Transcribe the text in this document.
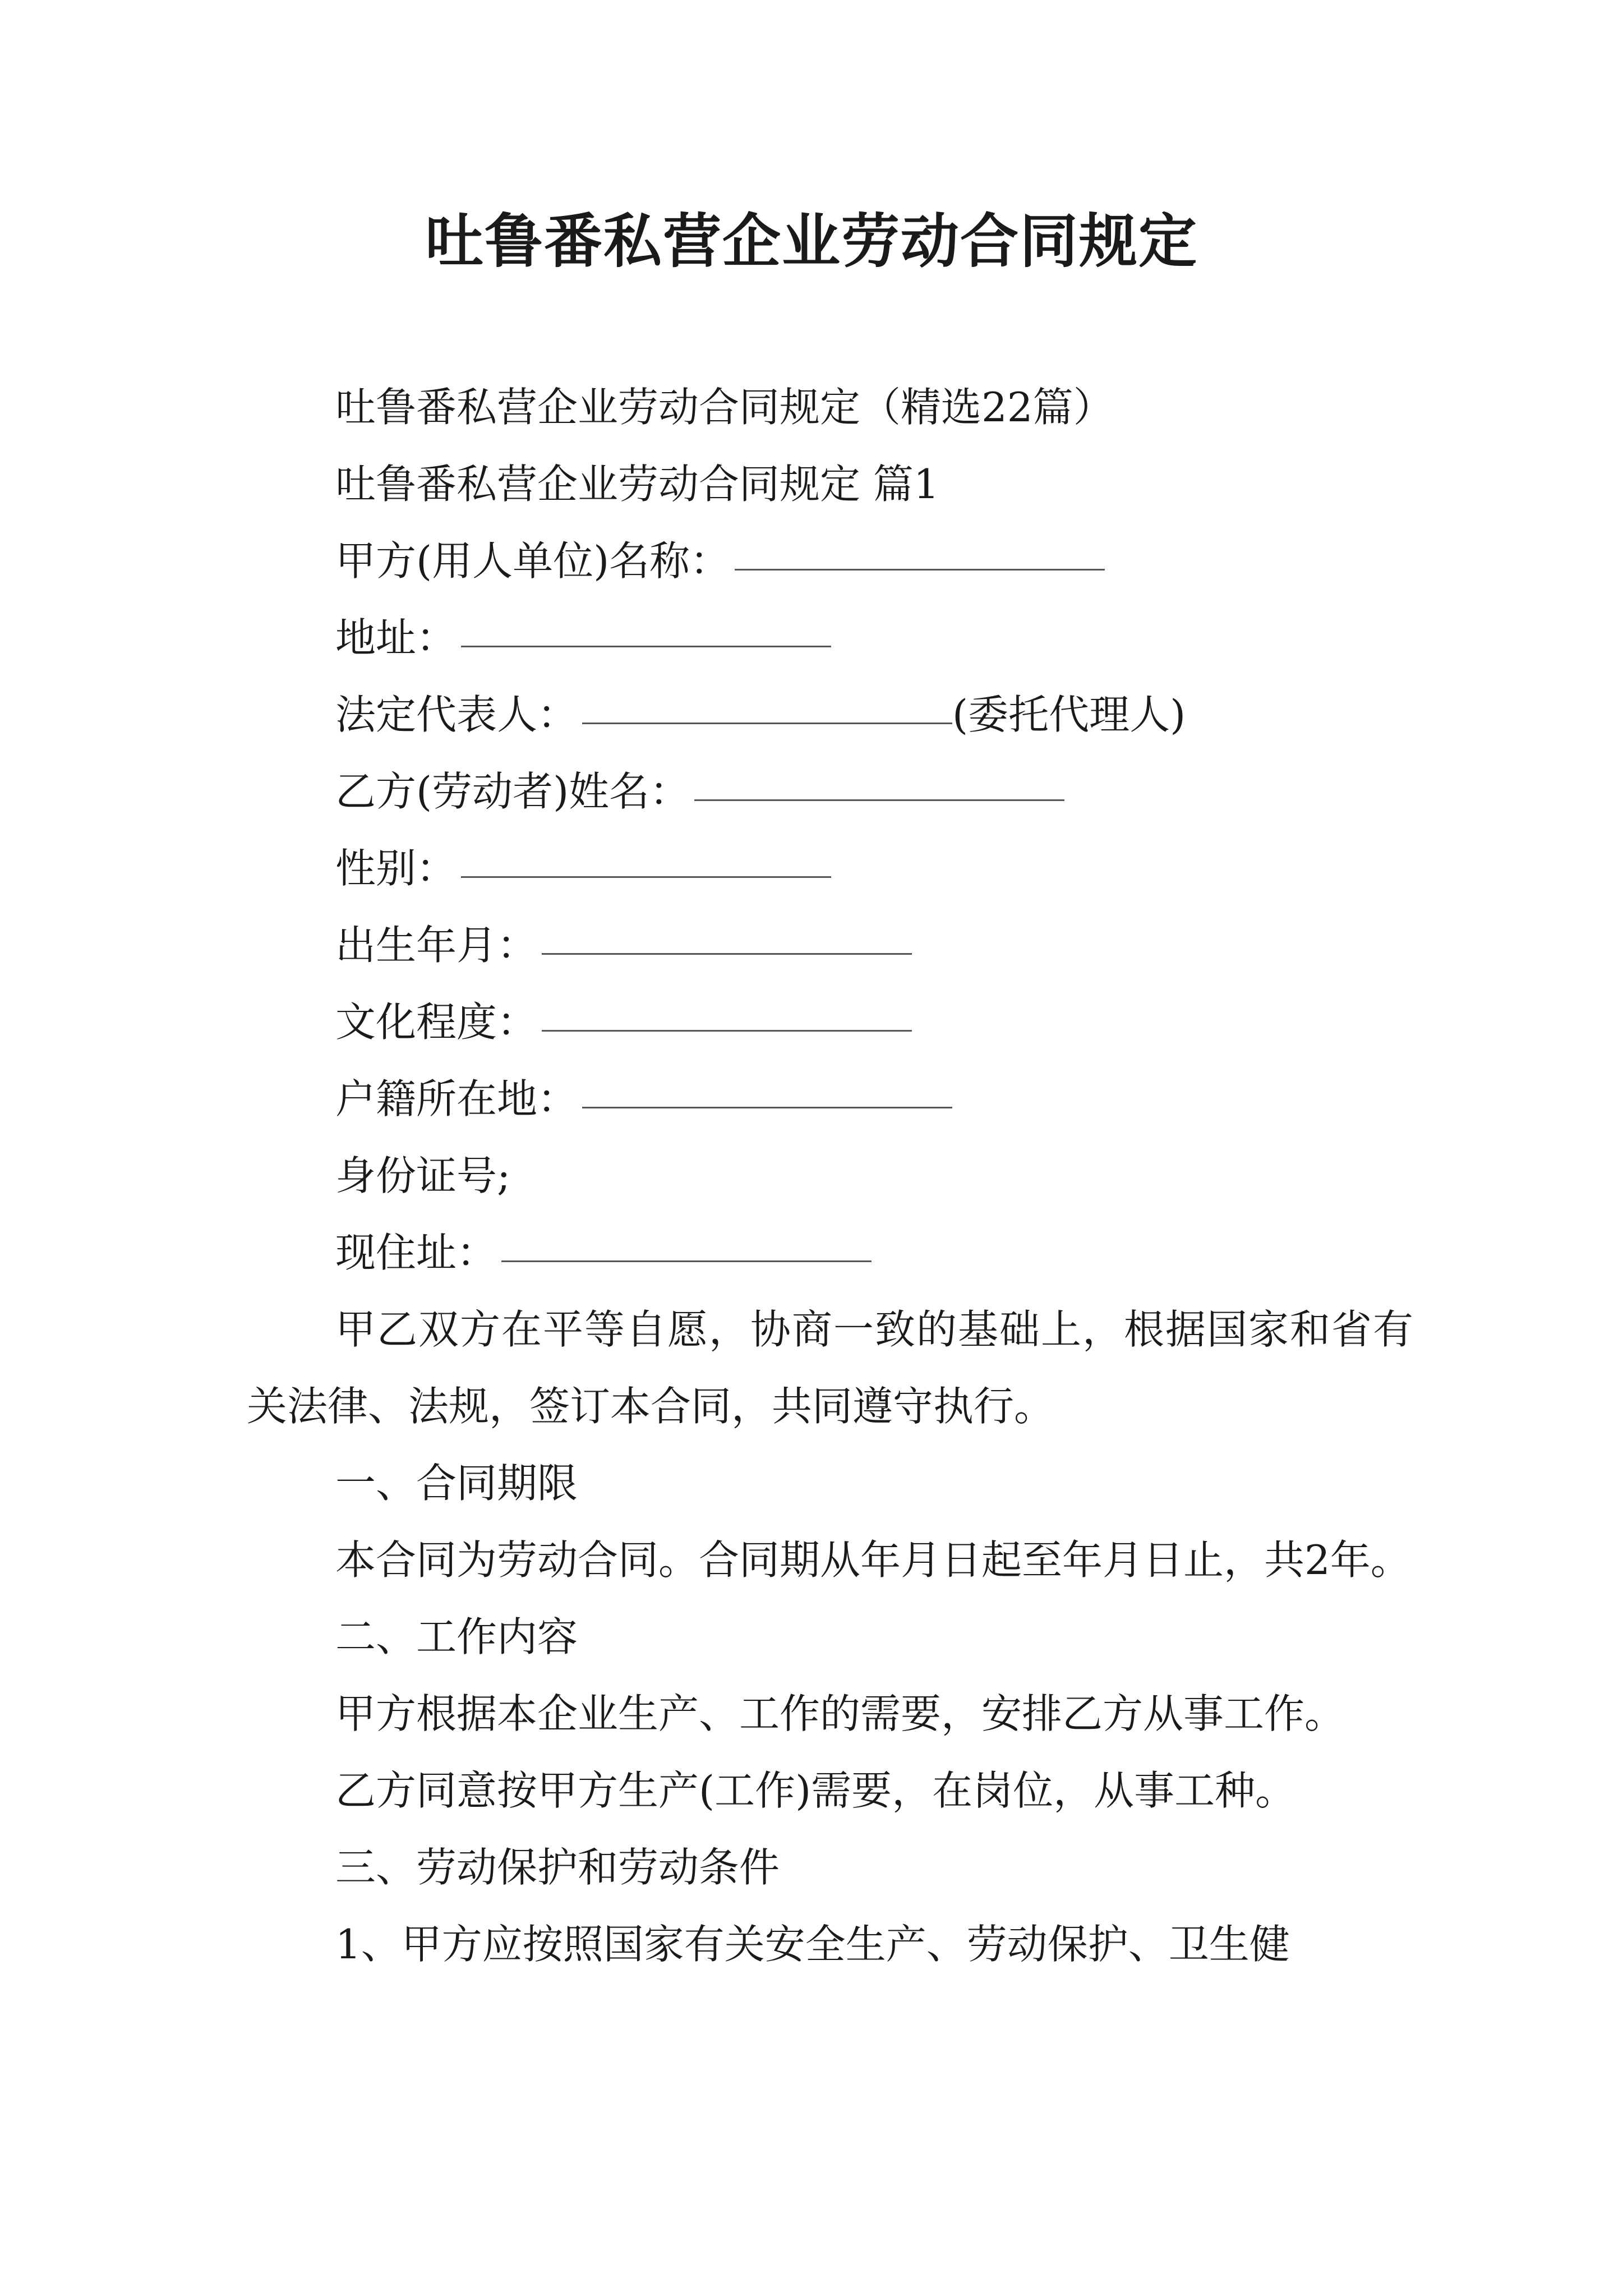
吐鲁番私营企业劳动合同规定

吐鲁番私营企业劳动合同规定（精选22篇）

吐鲁番私营企业劳动合同规定 篇1

甲方(用人单位)名称：

地址：

法定代表人：	(委托代理人)

乙方(劳动者)姓名：

性别：

出生年月：

文化程度：

户籍所在地：

身份证号;

现住址：

甲乙双方在平等自愿，协商一致的基础上，根据国家和省有关法律、法规，签订本合同，共同遵守执行。

一、合同期限

本合同为劳动合同。合同期从年月日起至年月日止，共2年。

二、工作内容

甲方根据本企业生产、工作的需要，安排乙方从事工作。

乙方同意按甲方生产(工作)需要，在岗位，从事工种。

三、劳动保护和劳动条件

1、甲方应按照国家有关安全生产、劳动保护、卫生健
